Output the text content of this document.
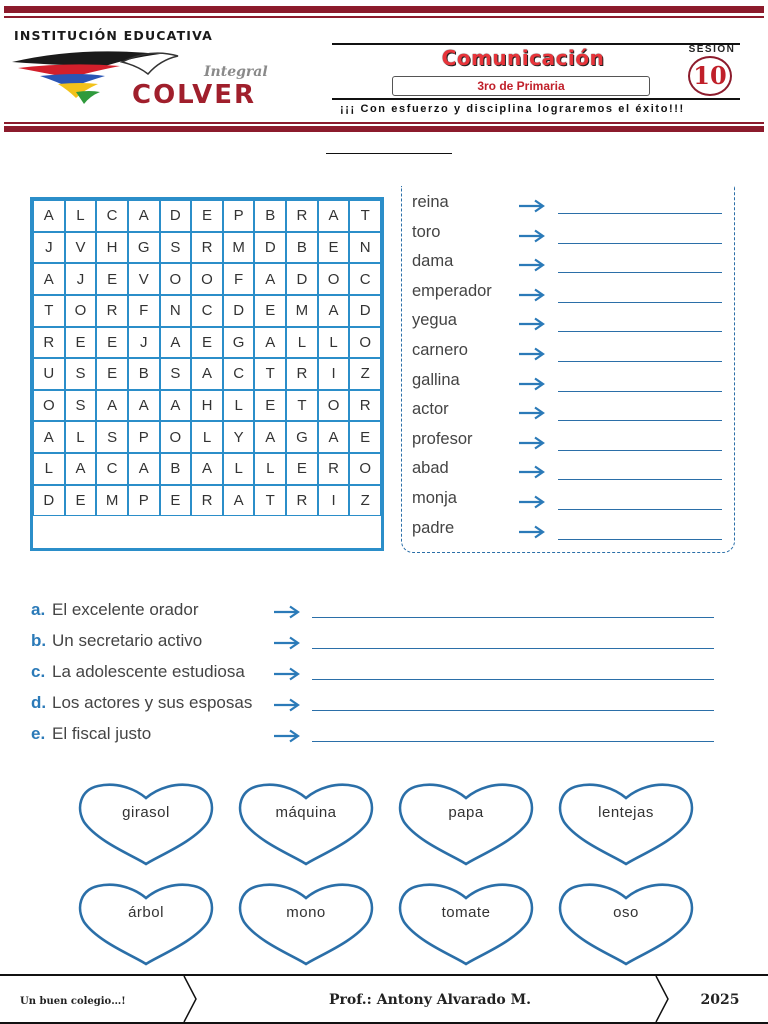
INSTITUCIÓN EDUCATIVA
Integral
COLVER
Comunicación
3ro de Primaria
SESION
10
¡¡¡ Con esfuerzo y disciplina lograremos el éxito!!!
A	L	C	A	D	E	P	B	R	A	T
J	V	H	G	S	R	M	D	B	E	N
A	J	E	V	O	O	F	A	D	O	C
T	O	R	F	N	C	D	E	M	A	D
R	E	E	J	A	E	G	A	L	L	O
U	S	E	B	S	A	C	T	R	I	Z
O	S	A	A	A	H	L	E	T	O	R
A	L	S	P	O	L	Y	A	G	A	E
L	A	C	A	B	A	L	L	E	R	O
D	E	M	P	E	R	A	T	R	I	Z
reina
toro
dama
emperador
yegua
carnero
gallina
actor
profesor
abad
monja
padre
a. El excelente orador
b. Un secretario activo
c. La adolescente estudiosa
d. Los actores y sus esposas
e. El fiscal justo
girasol	máquina	papa	lentejas
árbol	mono	tomate	oso
Un buen colegio…!	Prof.: Antony Alvarado M.	2025
